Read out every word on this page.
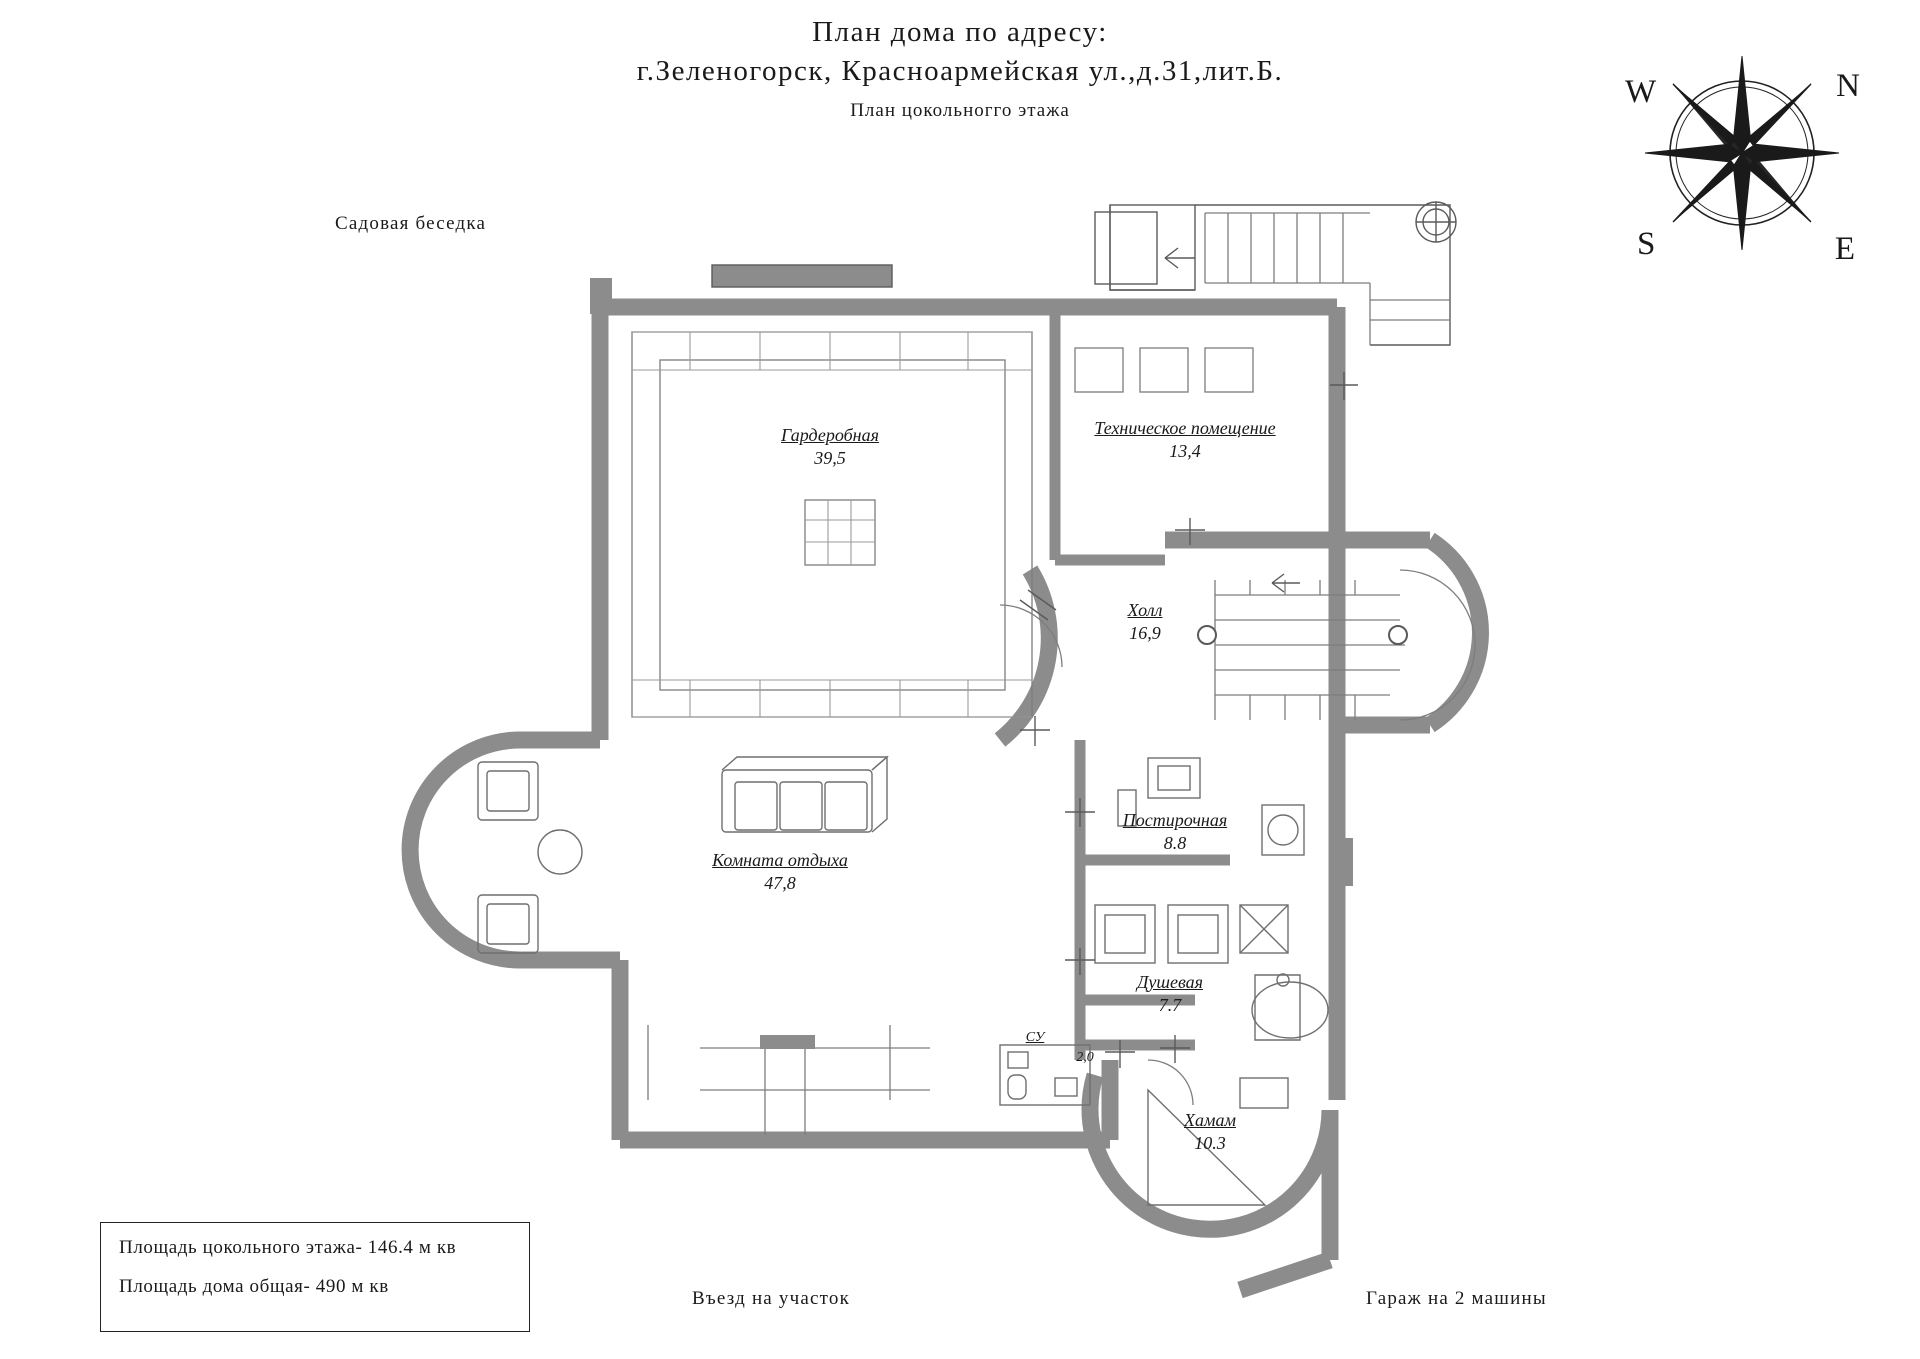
План дома по адресу:
г.Зеленогорск, Красноармейская ул.,д.31,лит.Б.
План цокольногго этажа
W	N
S	E
Гардеробная
39,5
Техническое помещение
13,4
Холл
16,9
Комната отдыха
47,8
Постирочная
8.8
Душевая
7.7
СУ
2,0
Хамам
10.3
Садовая беседка
Въезд на участок	Гараж на 2 машины
Площадь цокольного этажа- 146.4 м кв
Площадь дома общая- 490 м кв
